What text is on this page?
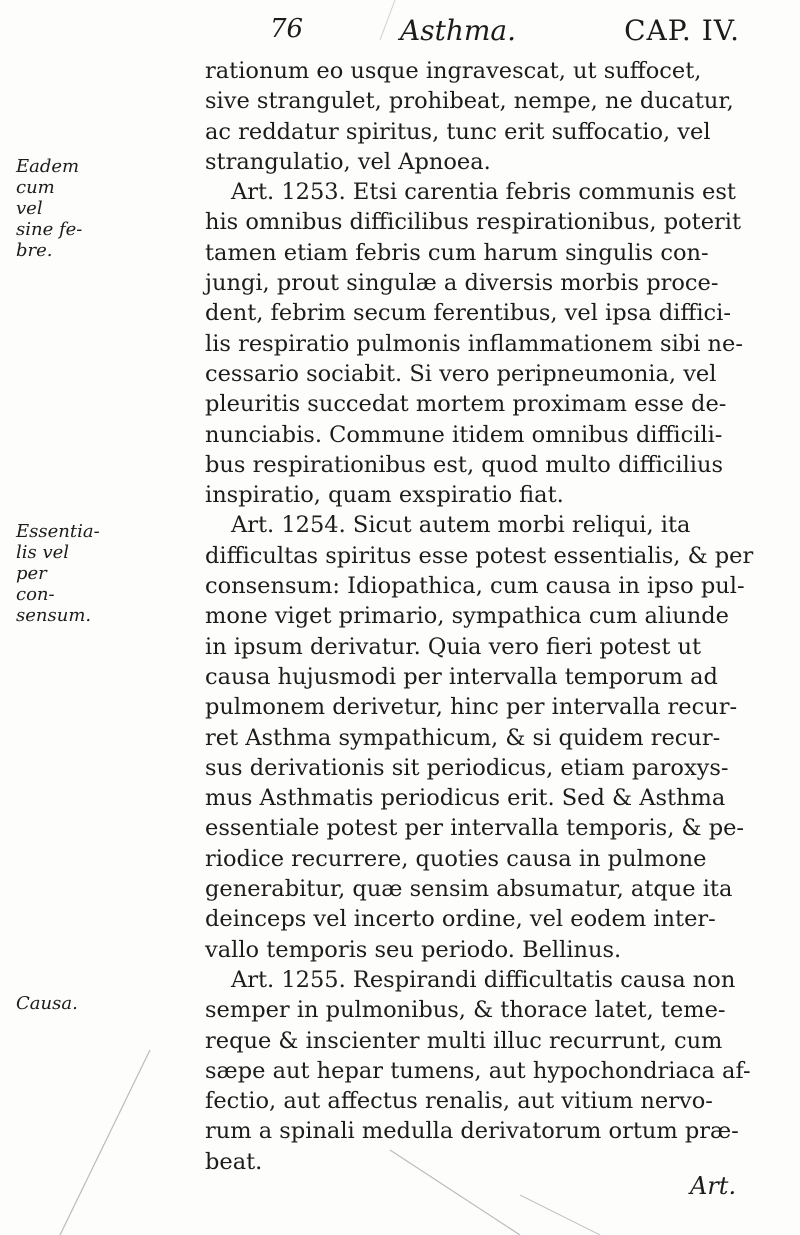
76	Asthma.	CAP. IV.
Eadem
cum vel
sine fe-
bre.
Essentia-
lis vel
per con-
sensum.
Causa.
rationum eo usque ingravescat, ut suffocet,
sive strangulet, prohibeat, nempe, ne ducatur,
ac reddatur spiritus, tunc erit suffocatio, vel
strangulatio, vel Apnoea.
Art. 1253. Etsi carentia febris communis est
his omnibus difficilibus respirationibus, poterit
tamen etiam febris cum harum singulis con-
jungi, prout singulæ a diversis morbis proce-
dent, febrim secum ferentibus, vel ipsa diffici-
lis respiratio pulmonis inflammationem sibi ne-
cessario sociabit. Si vero peripneumonia, vel
pleuritis succedat mortem proximam esse de-
nunciabis. Commune itidem omnibus difficili-
bus respirationibus est, quod multo difficilius
inspiratio, quam exspiratio fiat.
Art. 1254. Sicut autem morbi reliqui, ita
difficultas spiritus esse potest essentialis, & per
consensum: Idiopathica, cum causa in ipso pul-
mone viget primario, sympathica cum aliunde
in ipsum derivatur. Quia vero fieri potest ut
causa hujusmodi per intervalla temporum ad
pulmonem derivetur, hinc per intervalla recur-
ret Asthma sympathicum, & si quidem recur-
sus derivationis sit periodicus, etiam paroxys-
mus Asthmatis periodicus erit. Sed & Asthma
essentiale potest per intervalla temporis, & pe-
riodice recurrere, quoties causa in pulmone
generabitur, quæ sensim absumatur, atque ita
deinceps vel incerto ordine, vel eodem inter-
vallo temporis seu periodo. Bellinus.
Art. 1255. Respirandi difficultatis causa non
semper in pulmonibus, & thorace latet, teme-
reque & inscienter multi illuc recurrunt, cum
sæpe aut hepar tumens, aut hypochondriaca af-
fectio, aut affectus renalis, aut vitium nervo-
rum a spinali medulla derivatorum ortum præ-
beat.
Art.
